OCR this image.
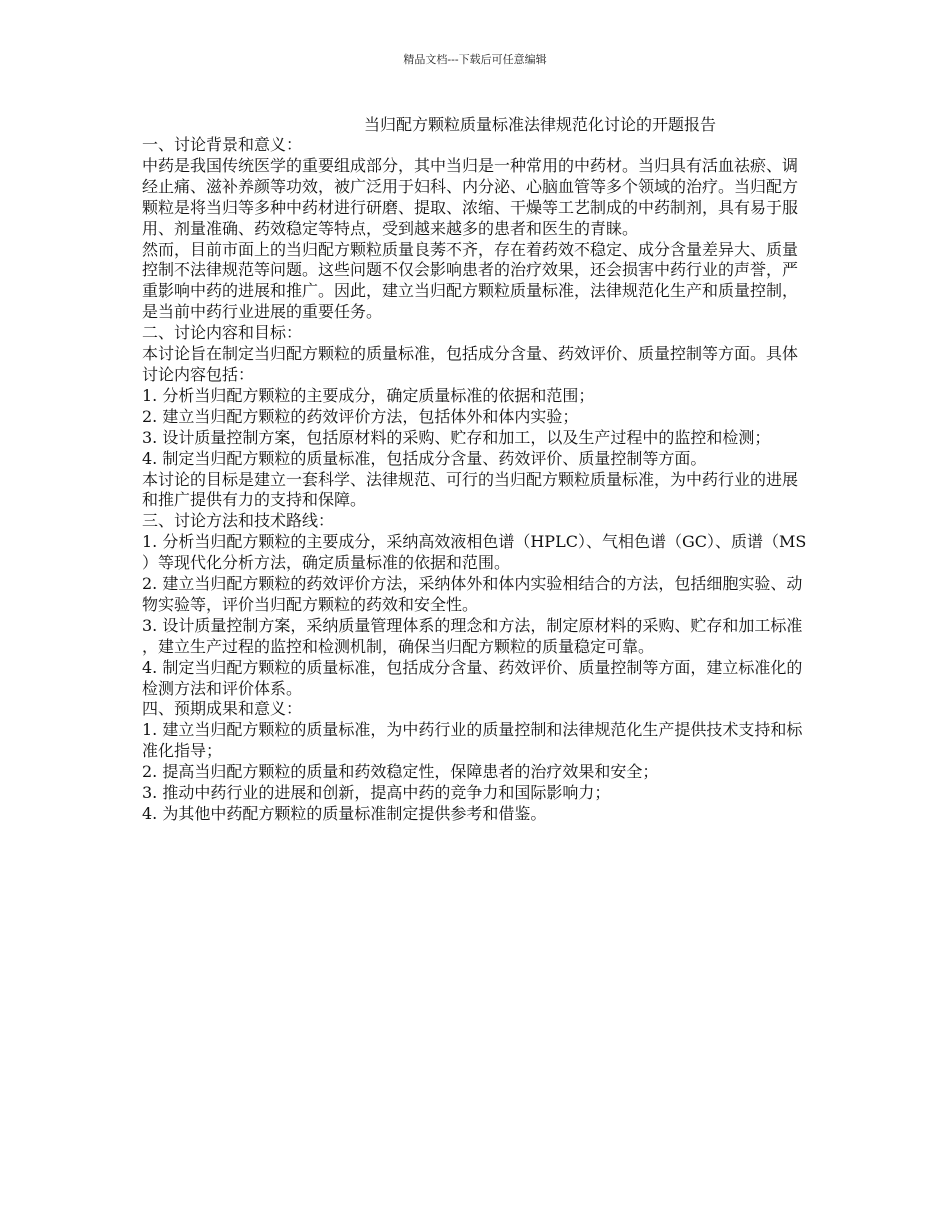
精品文档---下载后可任意编辑
当归配方颗粒质量标准法律规范化讨论的开题报告

一、讨论背景和意义：

中药是我国传统医学的重要组成部分，其中当归是一种常用的中药材。当归具有活血祛瘀、调经止痛、滋补养颜等功效，被广泛用于妇科、内分泌、心脑血管等多个领域的治疗。当归配方颗粒是将当归等多种中药材进行研磨、提取、浓缩、干燥等工艺制成的中药制剂，具有易于服用、剂量准确、药效稳定等特点，受到越来越多的患者和医生的青睐。

然而，目前市面上的当归配方颗粒质量良莠不齐，存在着药效不稳定、成分含量差异大、质量控制不法律规范等问题。这些问题不仅会影响患者的治疗效果，还会损害中药行业的声誉，严重影响中药的进展和推广。因此，建立当归配方颗粒质量标准，法律规范化生产和质量控制，是当前中药行业进展的重要任务。

二、讨论内容和目标：

本讨论旨在制定当归配方颗粒的质量标准，包括成分含量、药效评价、质量控制等方面。具体讨论内容包括：

1. 分析当归配方颗粒的主要成分，确定质量标准的依据和范围；

2. 建立当归配方颗粒的药效评价方法，包括体外和体内实验；

3. 设计质量控制方案，包括原材料的采购、贮存和加工，以及生产过程中的监控和检测；

4. 制定当归配方颗粒的质量标准，包括成分含量、药效评价、质量控制等方面。

本讨论的目标是建立一套科学、法律规范、可行的当归配方颗粒质量标准，为中药行业的进展和推广提供有力的支持和保障。

三、讨论方法和技术路线：

1. 分析当归配方颗粒的主要成分，采纳高效液相色谱（HPLC）、气相色谱（GC）、质谱（MS）等现代化分析方法，确定质量标准的依据和范围。

2. 建立当归配方颗粒的药效评价方法，采纳体外和体内实验相结合的方法，包括细胞实验、动物实验等，评价当归配方颗粒的药效和安全性。

3. 设计质量控制方案，采纳质量管理体系的理念和方法，制定原材料的采购、贮存和加工标准，建立生产过程的监控和检测机制，确保当归配方颗粒的质量稳定可靠。

4. 制定当归配方颗粒的质量标准，包括成分含量、药效评价、质量控制等方面，建立标准化的检测方法和评价体系。

四、预期成果和意义：

1. 建立当归配方颗粒的质量标准，为中药行业的质量控制和法律规范化生产提供技术支持和标准化指导；

2. 提高当归配方颗粒的质量和药效稳定性，保障患者的治疗效果和安全；

3. 推动中药行业的进展和创新，提高中药的竞争力和国际影响力；

4. 为其他中药配方颗粒的质量标准制定提供参考和借鉴。
